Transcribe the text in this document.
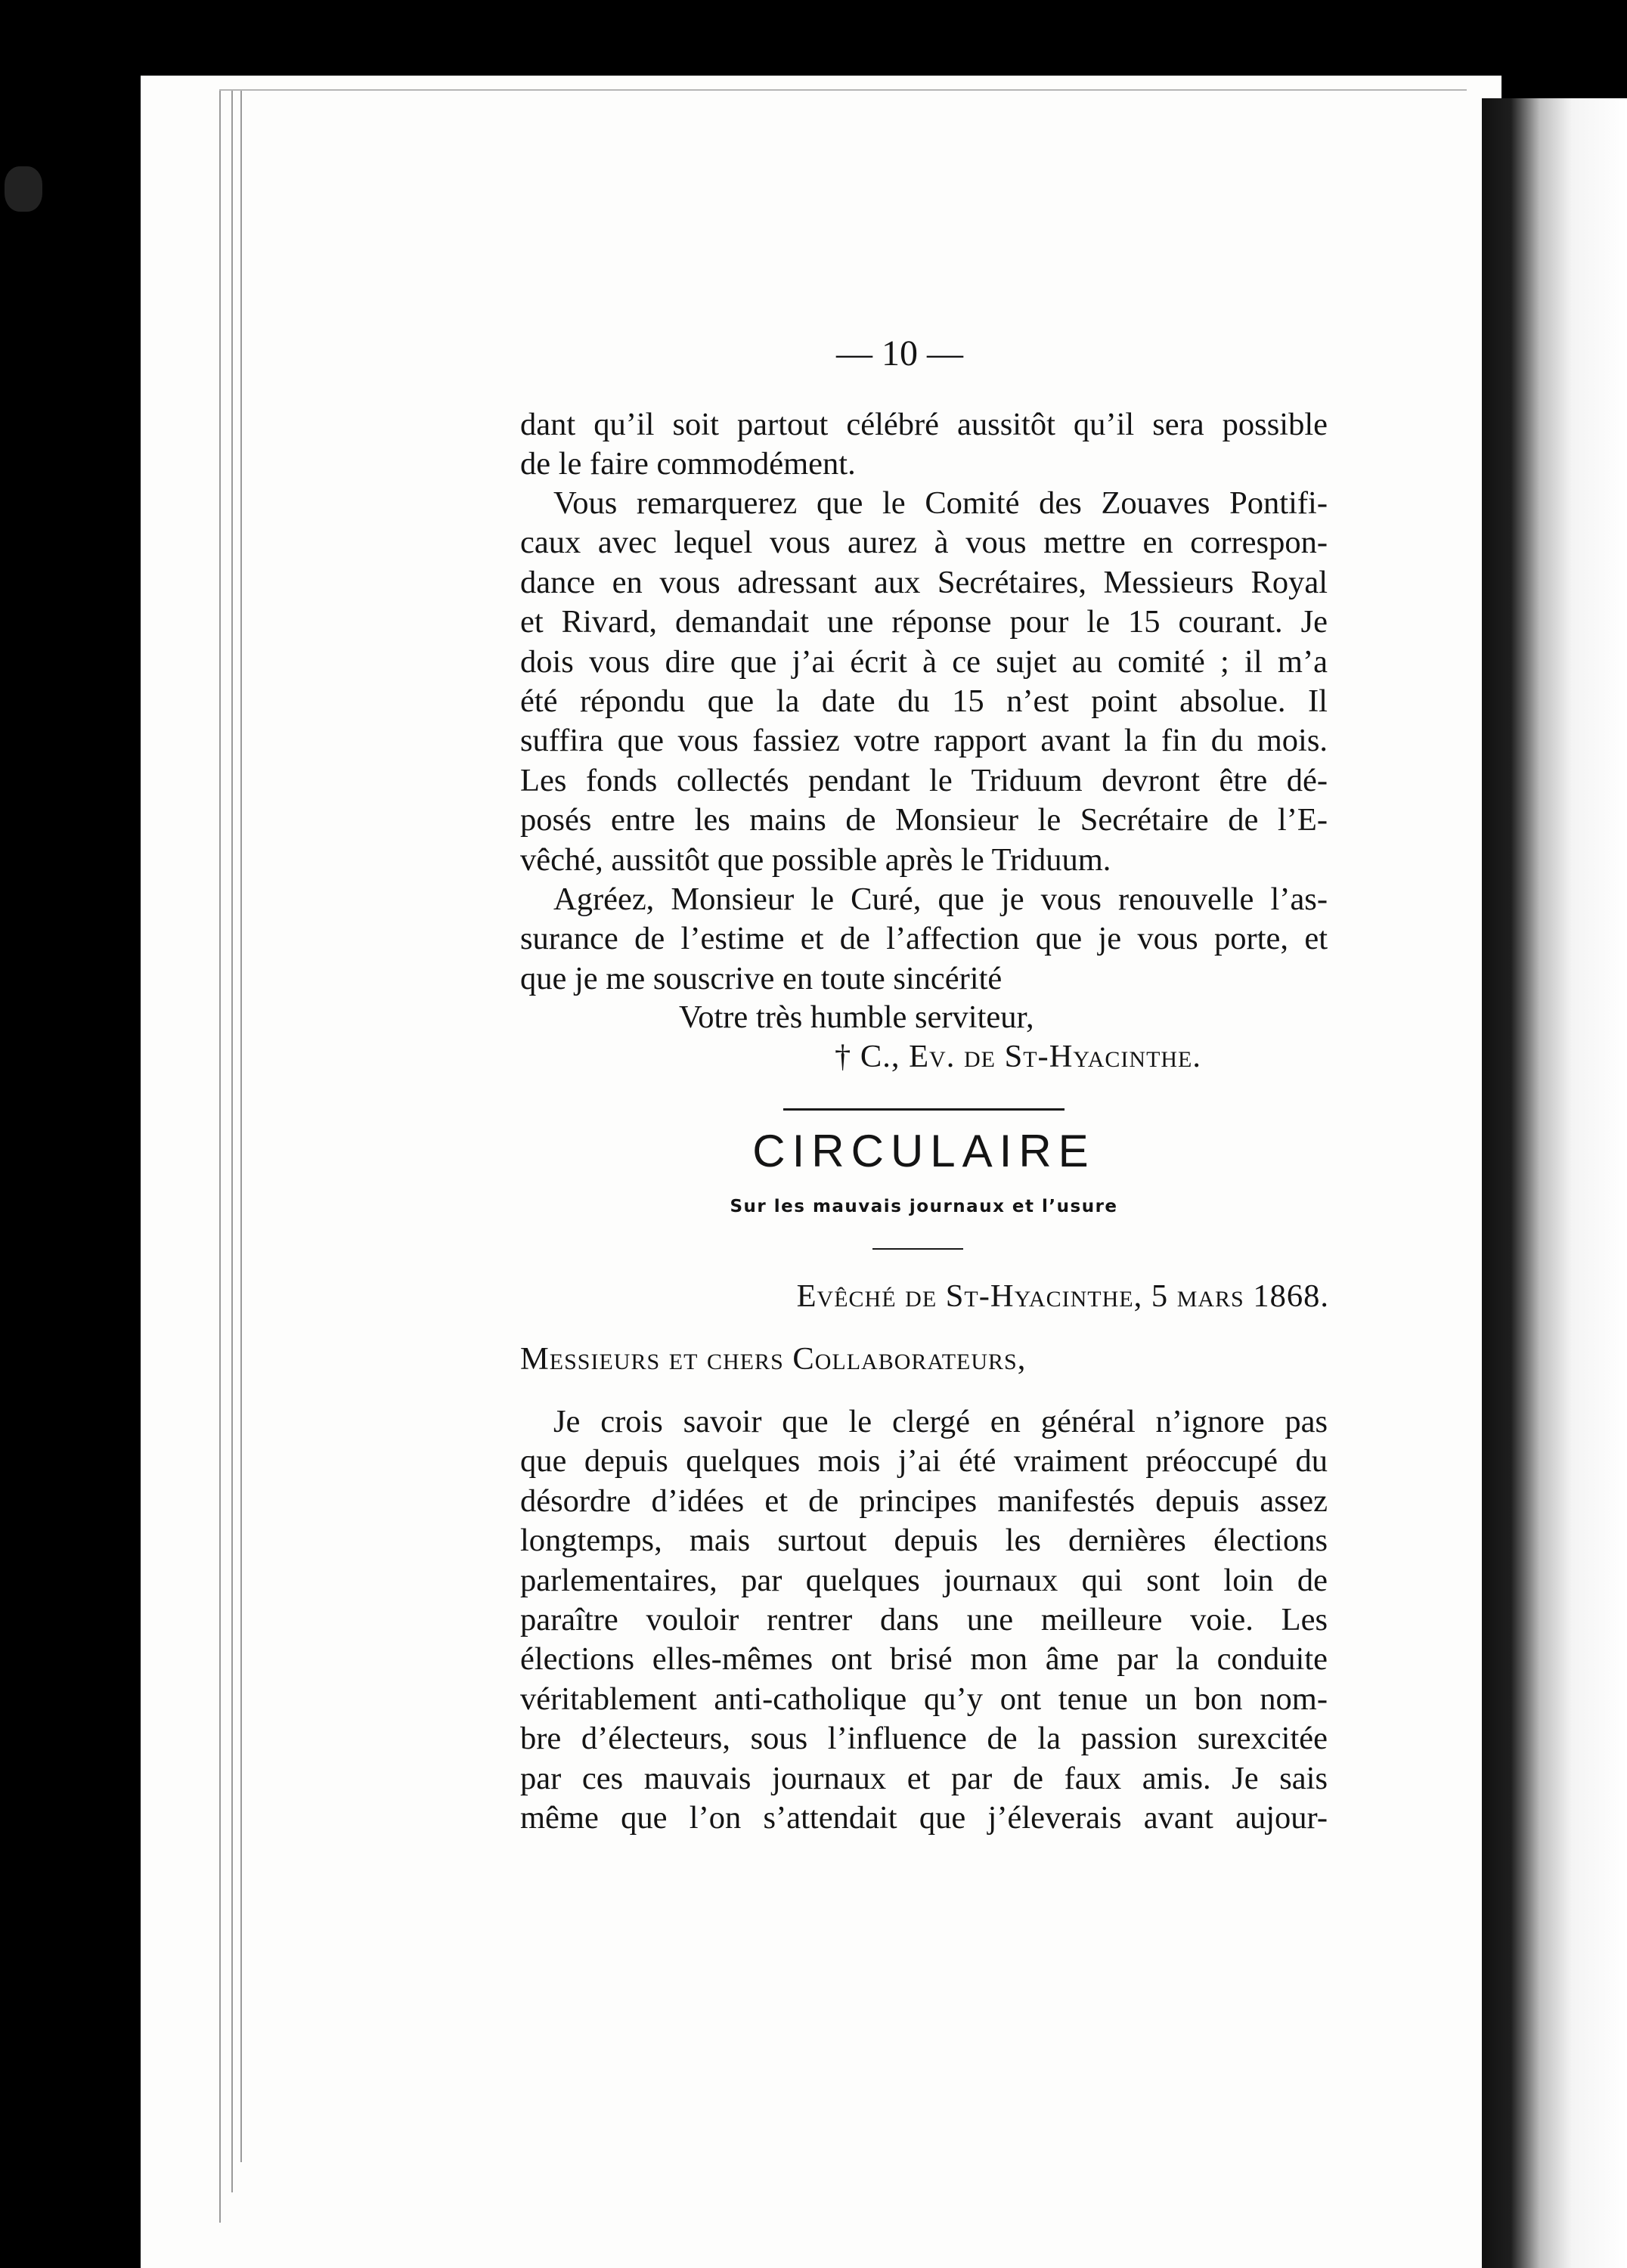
— 10 —
dant qu’il soit partout célébré aussitôt qu’il sera possible
de le faire commodément.
Vous remarquerez que le Comité des Zouaves Pontifi-
caux avec lequel vous aurez à vous mettre en correspon-
dance en vous adressant aux Secrétaires, Messieurs Royal
et Rivard, demandait une réponse pour le 15 courant. Je
dois vous dire que j’ai écrit à ce sujet au comité ; il m’a
été répondu que la date du 15 n’est point absolue. Il
suffira que vous fassiez votre rapport avant la fin du mois.
Les fonds collectés pendant le Triduum devront être dé-
posés entre les mains de Monsieur le Secrétaire de l’E-
vêché, aussitôt que possible après le Triduum.
Agréez, Monsieur le Curé, que je vous renouvelle l’as-
surance de l’estime et de l’affection que je vous porte, et
que je me souscrive en toute sincérité
Votre très humble serviteur,
† C., Ev. de St-Hyacinthe.
CIRCULAIRE
Sur les mauvais journaux et l’usure
Evêché de St-Hyacinthe, 5 mars 1868.
Messieurs et chers Collaborateurs,
Je crois savoir que le clergé en général n’ignore pas
que depuis quelques mois j’ai été vraiment préoccupé du
désordre d’idées et de principes manifestés depuis assez
longtemps, mais surtout depuis les dernières élections
parlementaires, par quelques journaux qui sont loin de
paraître vouloir rentrer dans une meilleure voie. Les
élections elles-mêmes ont brisé mon âme par la conduite
véritablement anti-catholique qu’y ont tenue un bon nom-
bre d’électeurs, sous l’influence de la passion surexcitée
par ces mauvais journaux et par de faux amis. Je sais
même que l’on s’attendait que j’éleverais avant aujour-
